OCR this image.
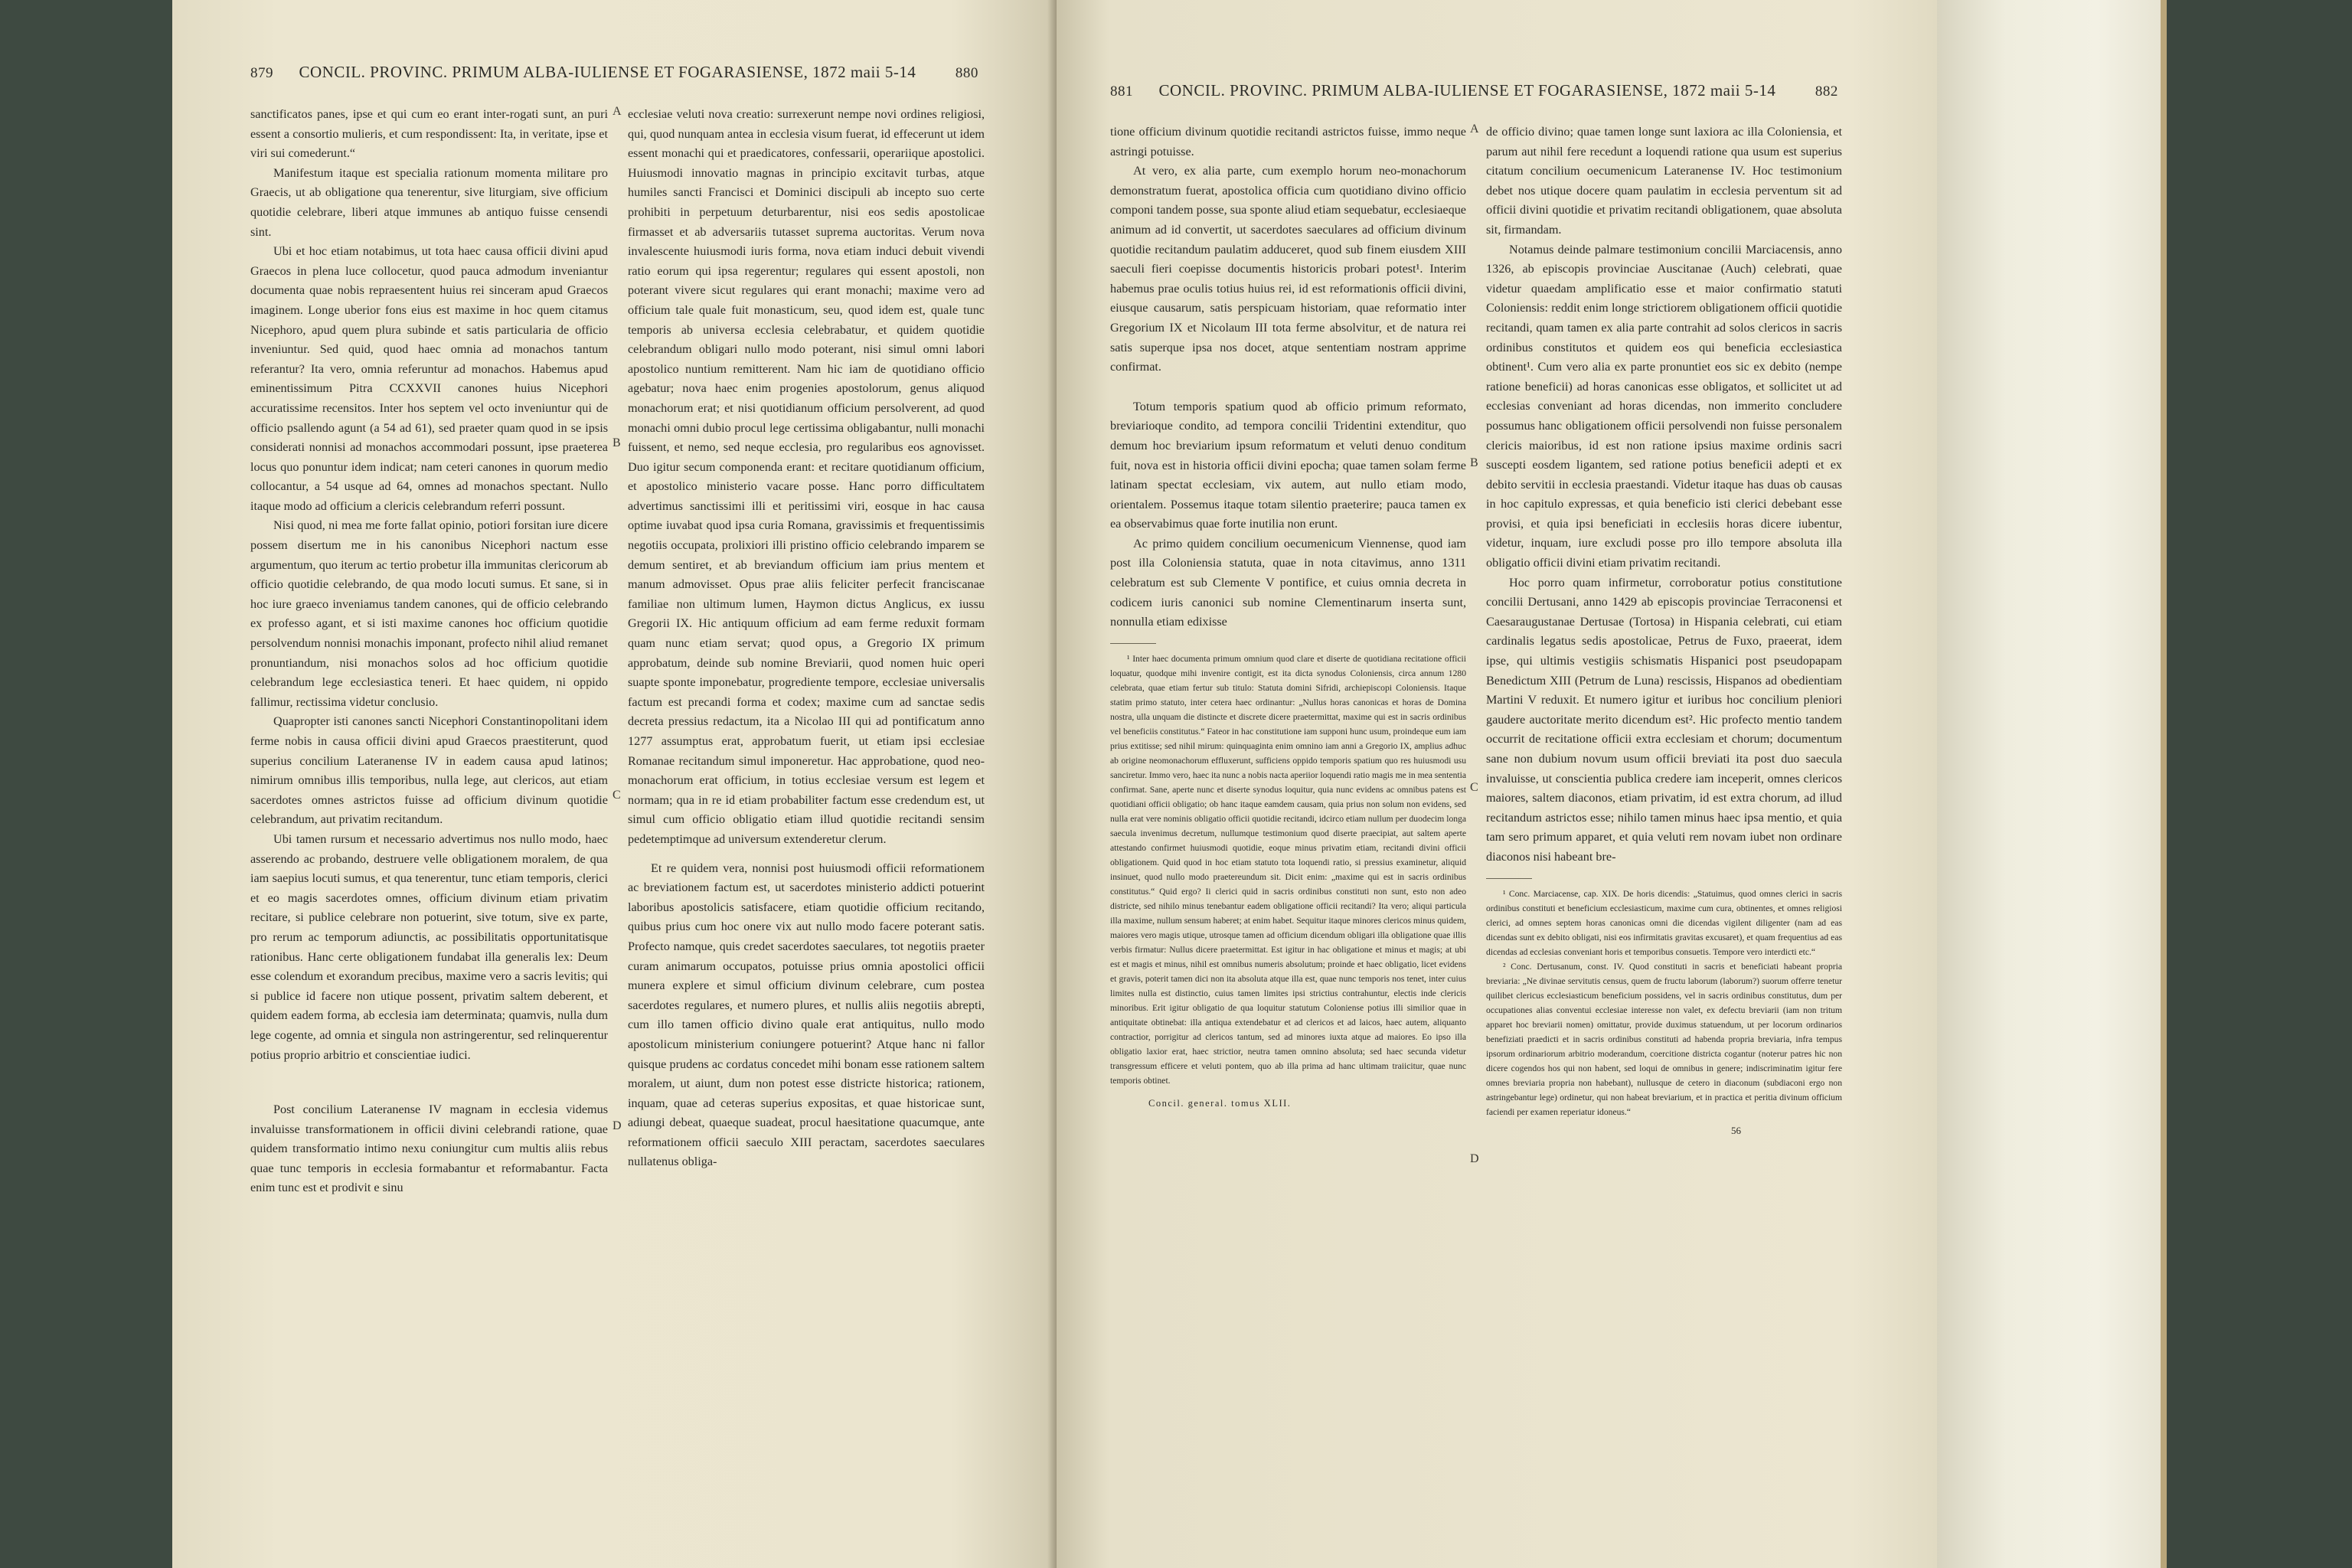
879 CONCIL. PROVINC. PRIMUM ALBA-IULIENSE ET FOGARASIENSE, 1872 maii 5-14	880

sanctificatos panes, ipse et qui cum eo erant inter-rogati sunt, an puri essent a consortio mulieris, et cum respondissent: Ita, in veritate, ipse et viri sui comederunt.“

Manifestum itaque est specialia rationum momenta militare pro Graecis, ut ab obligatione qua tenerentur, sive liturgiam, sive officium quotidie celebrare, liberi atque immunes ab antiquo fuisse censendi sint.

Ubi et hoc etiam notabimus, ut tota haec causa officii divini apud Graecos in plena luce collocetur, quod pauca admodum inveniantur documenta quae nobis repraesentent huius rei sinceram apud Graecos imaginem. Longe uberior fons eius est maxime in hoc quem citamus Nicephoro, apud quem plura subinde et satis particularia de officio inveniuntur. Sed quid, quod haec omnia ad monachos tantum referantur? Ita vero, omnia referuntur ad monachos. Habemus apud eminentissimum Pitra CCXXVII canones huius Nicephori accuratissime recensitos. Inter hos septem vel octo inveniuntur qui de officio psallendo agunt (a 54 ad 61), sed praeter quam quod in se ipsis considerati nonnisi ad monachos accommodari possunt, ipse praeterea locus quo ponuntur idem indicat; nam ceteri canones in quorum medio collocantur, a 54 usque ad 64, omnes ad monachos spectant. Nullo itaque modo ad officium a clericis celebrandum referri possunt.

Nisi quod, ni mea me forte fallat opinio, potiori forsitan iure dicere possem disertum me in his canonibus Nicephori nactum esse argumentum, quo iterum ac tertio probetur illa immunitas clericorum ab officio quotidie celebrando, de qua modo locuti sumus. Et sane, si in hoc iure graeco inveniamus tandem canones, qui de officio celebrando ex professo agant, et si isti maxime canones hoc officium quotidie persolvendum nonnisi monachis imponant, profecto nihil aliud remanet pronuntiandum, nisi monachos solos ad hoc officium quotidie celebrandum lege ecclesiastica teneri. Et haec quidem, ni oppido fallimur, rectissima videtur conclusio.

Quapropter isti canones sancti Nicephori Constantinopolitani idem ferme nobis in causa officii divini apud Graecos praestiterunt, quod superius concilium Lateranense IV in eadem causa apud latinos; nimirum omnibus illis temporibus, nulla lege, aut clericos, aut etiam sacerdotes omnes astrictos fuisse ad officium divinum quotidie celebrandum, aut privatim recitandum.

Ubi tamen rursum et necessario advertimus nos nullo modo, haec asserendo ac probando, destruere velle obligationem moralem, de qua iam saepius locuti sumus, et qua tenerentur, tunc etiam temporis, clerici et eo magis sacerdotes omnes, officium divinum etiam privatim recitare, si publice celebrare non potuerint, sive totum, sive ex parte, pro rerum ac temporum adiunctis, ac possibilitatis opportunitatisque rationibus. Hanc certe obligationem fundabat illa generalis lex: Deum esse colendum et exorandum precibus, maxime vero a sacris levitis; qui si publice id facere non utique possent, privatim saltem deberent, et quidem eadem forma, ab ecclesia iam determinata; quamvis, nulla dum lege cogente, ad omnia et singula non astringerentur, sed relinquerentur potius proprio arbitrio et conscientiae iudici.

Post concilium Lateranense IV magnam in ecclesia videmus invaluisse transformationem in officii divini celebrandi ratione, quae quidem transformatio intimo nexu coniungitur cum multis aliis rebus quae tunc temporis in ecclesia formabantur et reformabantur. Facta enim tunc est et prodivit e sinu

ecclesiae veluti nova creatio: surrexerunt nempe novi ordines religiosi, qui, quod nunquam antea in ecclesia visum fuerat, id effecerunt ut idem essent monachi qui et praedicatores, confessarii, operariique apostolici. Huiusmodi innovatio magnas in principio excitavit turbas, atque humiles sancti Francisci et Dominici discipuli ab incepto suo certe prohibiti in perpetuum deturbarentur, nisi eos sedis apostolicae firmasset et ab adversariis tutasset suprema auctoritas. Verum nova invalescente huiusmodi iuris forma, nova etiam induci debuit vivendi ratio eorum qui ipsa regerentur; regulares qui essent apostoli, non poterant vivere sicut regulares qui erant monachi; maxime vero ad officium tale quale fuit monasticum, seu, quod idem est, quale tunc temporis ab universa ecclesia celebrabatur, et quidem quotidie celebrandum obligari nullo modo poterant, nisi simul omni labori apostolico nuntium remitterent. Nam hic iam de quotidiano officio agebatur; nova haec enim progenies apostolorum, genus aliquod monachorum erat; et nisi quotidianum officium persolverent, ad quod monachi omni dubio procul lege certissima obligabantur, nulli monachi fuissent, et nemo, sed neque ecclesia, pro regularibus eos agnovisset. Duo igitur secum componenda erant: et recitare quotidianum officium, et apostolico ministerio vacare posse. Hanc porro difficultatem advertimus sanctissimi illi et peritissimi viri, eosque in hac causa optime iuvabat quod ipsa curia Romana, gravissimis et frequentissimis negotiis occupata, prolixiori illi pristino officio celebrando imparem se demum sentiret, et ab breviandum officium iam prius mentem et manum admovisset. Opus prae aliis feliciter perfecit franciscanae familiae non ultimum lumen, Haymon dictus Anglicus, ex iussu Gregorii IX. Hic antiquum officium ad eam ferme reduxit formam quam nunc etiam servat; quod opus, a Gregorio IX primum approbatum, deinde sub nomine Breviarii, quod nomen huic operi suapte sponte imponebatur, progrediente tempore, ecclesiae universalis factum est precandi forma et codex; maxime cum ad sanctae sedis decreta pressius redactum, ita a Nicolao III qui ad pontificatum anno 1277 assumptus erat, approbatum fuerit, ut etiam ipsi ecclesiae Romanae recitandum simul imponeretur. Hac approbatione, quod neo-monachorum erat officium, in totius ecclesiae versum est legem et normam; qua in re id etiam probabiliter factum esse credendum est, ut simul cum officio obligatio etiam illud quotidie recitandi sensim pedetemptimque ad universum extenderetur clerum.

Et re quidem vera, nonnisi post huiusmodi officii reformationem ac breviationem factum est, ut sacerdotes ministerio addicti potuerint laboribus apostolicis satisfacere, etiam quotidie officium recitando, quibus prius cum hoc onere vix aut nullo modo facere poterant satis. Profecto namque, quis credet sacerdotes saeculares, tot negotiis praeter curam animarum occupatos, potuisse prius omnia apostolici officii munera explere et simul officium divinum celebrare, cum postea sacerdotes regulares, et numero plures, et nullis aliis negotiis abrepti, cum illo tamen officio divino quale erat antiquitus, nullo modo apostolicum ministerium coniungere potuerint? Atque hanc ni fallor quisque prudens ac cordatus concedet mihi bonam esse rationem saltem moralem, ut aiunt, dum non potest esse districte historica; rationem, inquam, quae ad ceteras superius expositas, et quae historicae sunt, adiungi debeat, quaeque suadeat, procul haesitatione quacumque, ante reformationem officii saeculo XIII peractam, sacerdotes saeculares nullatenus obliga-

A
B
C
D
881 CONCIL. PROVINC. PRIMUM ALBA-IULIENSE ET FOGARASIENSE, 1872 maii 5-14	882

tione officium divinum quotidie recitandi astrictos fuisse, immo neque astringi potuisse.

At vero, ex alia parte, cum exemplo horum neo-monachorum demonstratum fuerat, apostolica officia cum quotidiano divino officio componi tandem posse, sua sponte aliud etiam sequebatur, ecclesiaeque animum ad id convertit, ut sacerdotes saeculares ad officium divinum quotidie recitandum paulatim adduceret, quod sub finem eiusdem XIII saeculi fieri coepisse documentis historicis probari potest¹. Interim habemus prae oculis totius huius rei, id est reformationis officii divini, eiusque causarum, satis perspicuam historiam, quae reformatio inter Gregorium IX et Nicolaum III tota ferme absolvitur, et de natura rei satis superque ipsa nos docet, atque sententiam nostram apprime confirmat.

Totum temporis spatium quod ab officio primum reformato, breviarioque condito, ad tempora concilii Tridentini extenditur, quo demum hoc breviarium ipsum reformatum et veluti denuo conditum fuit, nova est in historia officii divini epocha; quae tamen solam ferme latinam spectat ecclesiam, vix autem, aut nullo etiam modo, orientalem. Possemus itaque totam silentio praeterire; pauca tamen ex ea observabimus quae forte inutilia non erunt.

Ac primo quidem concilium oecumenicum Viennense, quod iam post illa Coloniensia statuta, quae in nota citavimus, anno 1311 celebratum est sub Clemente V pontifice, et cuius omnia decreta in codicem iuris canonici sub nomine Clementinarum inserta sunt, nonnulla etiam edixisse

¹ Inter haec documenta primum omnium quod clare et diserte de quotidiana recitatione officii loquatur, quodque mihi invenire contigit, est ita dicta synodus Coloniensis, circa annum 1280 celebrata, quae etiam fertur sub titulo: Statuta domini Sifridi, archiepiscopi Coloniensis. Itaque statim primo statuto, inter cetera haec ordinantur: „Nullus horas canonicas et horas de Domina nostra, ulla unquam die distincte et discrete dicere praetermittat, maxime qui est in sacris ordinibus vel beneficiis constitutus.“ Fateor in hac constitutione iam supponi hunc usum, proindeque eum iam prius extitisse; sed nihil mirum: quinquaginta enim omnino iam anni a Gregorio IX, amplius adhuc ab origine neomonachorum effluxerunt, sufficiens oppido temporis spatium quo res huiusmodi usu sanciretur. Immo vero, haec ita nunc a nobis nacta aperiior loquendi ratio magis me in mea sententia confirmat. Sane, aperte nunc et diserte synodus loquitur, quia nunc evidens ac omnibus patens est quotidiani officii obligatio; ob hanc itaque eamdem causam, quia prius non solum non evidens, sed nulla erat vere nominis obligatio officii quotidie recitandi, idcirco etiam nullum per duodecim longa saecula invenimus decretum, nullumque testimonium quod diserte praecipiat, aut saltem aperte attestando confirmet huiusmodi quotidie, eoque minus privatim etiam, recitandi divini officii obligationem. Quid quod in hoc etiam statuto tota loquendi ratio, si pressius examinetur, aliquid insinuet, quod nullo modo praetereundum sit. Dicit enim: „maxime qui est in sacris ordinibus constitutus.“ Quid ergo? Ii clerici quid in sacris ordinibus constituti non sunt, esto non adeo districte, sed nihilo minus tenebantur eadem obligatione officii recitandi? Ita vero; aliqui particula illa maxime, nullum sensum haberet; at enim habet. Sequitur itaque minores clericos minus quidem, maiores vero magis utique, utrosque tamen ad officium dicendum obligari illa obligatione quae illis verbis firmatur: Nullus dicere praetermittat. Est igitur in hac obligatione et minus et magis; at ubi est et magis et minus, nihil est omnibus numeris absolutum; proinde et haec obligatio, licet evidens et gravis, poterit tamen dici non ita absoluta atque illa est, quae nunc temporis nos tenet, inter cuius limites nulla est distinctio, cuius tamen limites ipsi strictius contrahuntur, electis inde clericis minoribus. Erit igitur obligatio de qua loquitur statutum Coloniense potius illi similior quae in antiquitate obtinebat: illa antiqua extendebatur et ad clericos et ad laicos, haec autem, aliquanto contractior, porrigitur ad clericos tantum, sed ad minores iuxta atque ad maiores. Eo ipso illa obligatio laxior erat, haec strictior, neutra tamen omnino absoluta; sed haec secunda videtur transgressum efficere et veluti pontem, quo ab illa prima ad hanc ultimam traiicitur, quae nunc temporis obtinet.

Concil. general. tomus XLII.

de officio divino; quae tamen longe sunt laxiora ac illa Coloniensia, et parum aut nihil fere recedunt a loquendi ratione qua usum est superius citatum concilium oecumenicum Lateranense IV. Hoc testimonium debet nos utique docere quam paulatim in ecclesia perventum sit ad officii divini quotidie et privatim recitandi obligationem, quae absoluta sit, firmandam.

Notamus deinde palmare testimonium concilii Marciacensis, anno 1326, ab episcopis provinciae Auscitanae (Auch) celebrati, quae videtur quaedam amplificatio esse et maior confirmatio statuti Coloniensis: reddit enim longe strictiorem obligationem officii quotidie recitandi, quam tamen ex alia parte contrahit ad solos clericos in sacris ordinibus constitutos et quidem eos qui beneficia ecclesiastica obtinent¹. Cum vero alia ex parte pronuntiet eos sic ex debito (nempe ratione beneficii) ad horas canonicas esse obligatos, et sollicitet ut ad ecclesias conveniant ad horas dicendas, non immerito concludere possumus hanc obligationem officii persolvendi non fuisse personalem clericis maioribus, id est non ratione ipsius maxime ordinis sacri suscepti eosdem ligantem, sed ratione potius beneficii adepti et ex debito servitii in ecclesia praestandi. Videtur itaque has duas ob causas in hoc capitulo expressas, et quia beneficio isti clerici debebant esse provisi, et quia ipsi beneficiati in ecclesiis horas dicere iubentur, videtur, inquam, iure excludi posse pro illo tempore absoluta illa obligatio officii divini etiam privatim recitandi.

Hoc porro quam infirmetur, corroboratur potius constitutione concilii Dertusani, anno 1429 ab episcopis provinciae Terraconensi et Caesaraugustanae Dertusae (Tortosa) in Hispania celebrati, cui etiam cardinalis legatus sedis apostolicae, Petrus de Fuxo, praeerat, idem ipse, qui ultimis vestigiis schismatis Hispanici post pseudopapam Benedictum XIII (Petrum de Luna) rescissis, Hispanos ad obedientiam Martini V reduxit. Et numero igitur et iuribus hoc concilium pleniori gaudere auctoritate merito dicendum est². Hic profecto mentio tandem occurrit de recitatione officii extra ecclesiam et chorum; documentum sane non dubium novum usum officii breviati ita post duo saecula invaluisse, ut conscientia publica credere iam inceperit, omnes clericos maiores, saltem diaconos, etiam privatim, id est extra chorum, ad illud recitandum astrictos esse; nihilo tamen minus haec ipsa mentio, et quia tam sero primum apparet, et quia veluti rem novam iubet non ordinare diaconos nisi habeant bre-

¹ Conc. Marciacense, cap. XIX. De horis dicendis: „Statuimus, quod omnes clerici in sacris ordinibus constituti et beneficium ecclesiasticum, maxime cum cura, obtinentes, et omnes religiosi clerici, ad omnes septem horas canonicas omni die dicendas vigilent diligenter (nam ad eas dicendas sunt ex debito obligati, nisi eos infirmitatis gravitas excusaret), et quam frequentius ad eas dicendas ad ecclesias conveniant horis et temporibus consuetis. Tempore vero interdicti etc.“

² Conc. Dertusanum, const. IV. Quod constituti in sacris et beneficiati habeant propria breviaria: „Ne divinae servitutis census, quem de fructu laborum (laborum?) suorum offerre tenetur quilibet clericus ecclesiasticum beneficium possidens, vel in sacris ordinibus constitutus, dum per occupationes alias conventui ecclesiae interesse non valet, ex defectu breviarii (iam non tritum apparet hoc breviarii nomen) omittatur, provide duximus statuendum, ut per locorum ordinarios benefiziati praedicti et in sacris ordinibus constituti ad habenda propria breviaria, infra tempus ipsorum ordinariorum arbitrio moderandum, coercitione districta cogantur (noterur patres hic non dicere cogendos hos qui non habent, sed loqui de omnibus in genere; indiscriminatim igitur fere omnes breviaria propria non habebant), nullusque de cetero in diaconum (subdiaconi ergo non astringebantur lege) ordinetur, qui non habeat breviarium, et in practica et peritia divinum officium faciendi per examen reperiatur idoneus.“

56
A
B
C
D
